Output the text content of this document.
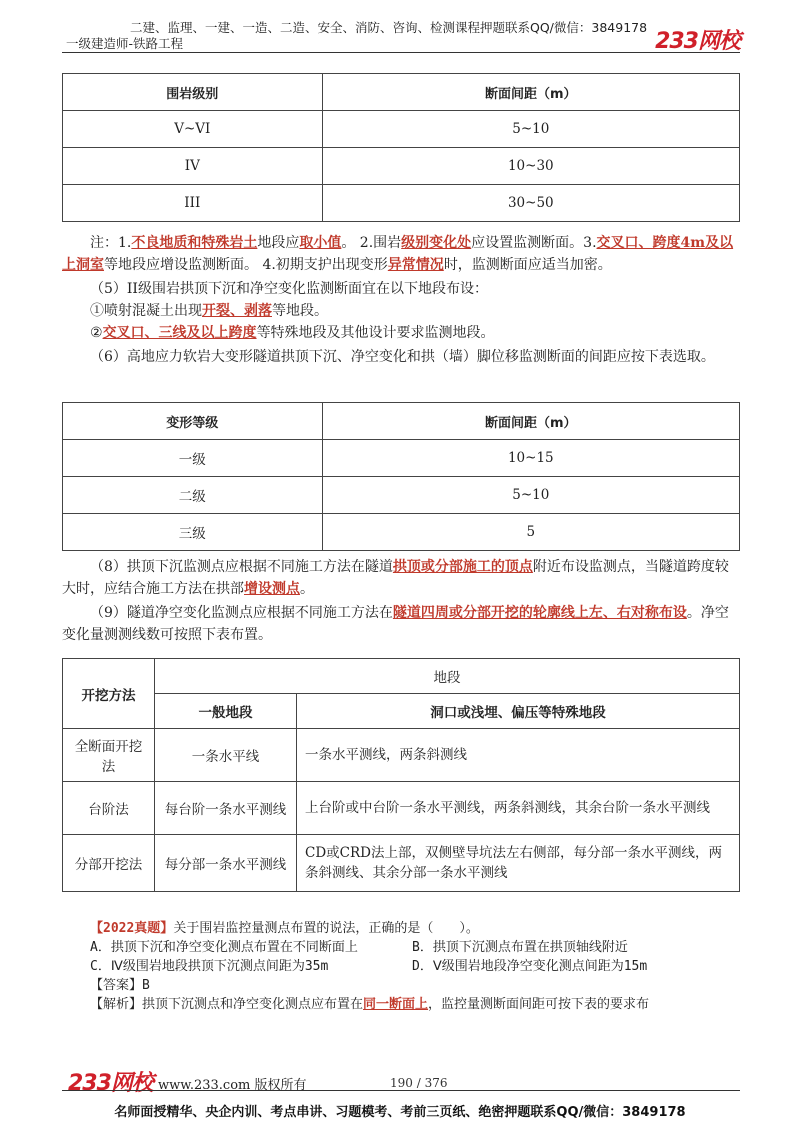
二建、监理、一建、一造、二造、安全、消防、咨询、检测课程押题联系QQ/微信：3849178
一级建造师-铁路工程	233网校
围岩级别	断面间距（m）
V~VI	5~10
IV	10~30
III	30~50
注：1.不良地质和特殊岩土地段应取小值。 2.围岩级别变化处应设置监测断面。3.交叉口、跨度4m及以上洞室等地段应增设监测断面。 4.初期支护出现变形异常情况时，监测断面应适当加密。
（5）II级围岩拱顶下沉和净空变化监测断面宜在以下地段布设：
①喷射混凝土出现开裂、剥落等地段。
②交叉口、三线及以上跨度等特殊地段及其他设计要求监测地段。
（6）高地应力软岩大变形隧道拱顶下沉、净空变化和拱（墙）脚位移监测断面的间距应按下表选取。
变形等级	断面间距（m）
一级	10~15
二级	5~10
三级	5
（8）拱顶下沉监测点应根据不同施工方法在隧道拱顶或分部施工的顶点附近布设监测点，当隧道跨度较大时，应结合施工方法在拱部增设测点。
（9）隧道净空变化监测点应根据不同施工方法在隧道四周或分部开挖的轮廓线上左、右对称布设。净空变化量测测线数可按照下表布置。
开挖方法	地段	
	一般地段	洞口或浅埋、偏压等特殊地段
全断面开挖法	一条水平线	一条水平测线，两条斜测线
台阶法	每台阶一条水平测线	上台阶或中台阶一条水平测线，两条斜测线，其余台阶一条水平测线
分部开挖法	每分部一条水平测线	CD或CRD法上部，双侧壁导坑法左右侧部，每分部一条水平测线，两条斜测线、其余分部一条水平测线
【2022真题】关于围岩监控量测点布置的说法，正确的是（　　）。
A．拱顶下沉和净空变化测点布置在不同断面上	B．拱顶下沉测点布置在拱顶轴线附近
C．Ⅳ级围岩地段拱顶下沉测点间距为35m	D．Ⅴ级围岩地段净空变化测点间距为15m
【答案】B
【解析】拱顶下沉测点和净空变化测点应布置在同一断面上，监控量测断面间距可按下表的要求布
233网校 www.233.com 版权所有	190 / 376
名师面授精华、央企内训、考点串讲、习题模考、考前三页纸、绝密押题联系QQ/微信：3849178
